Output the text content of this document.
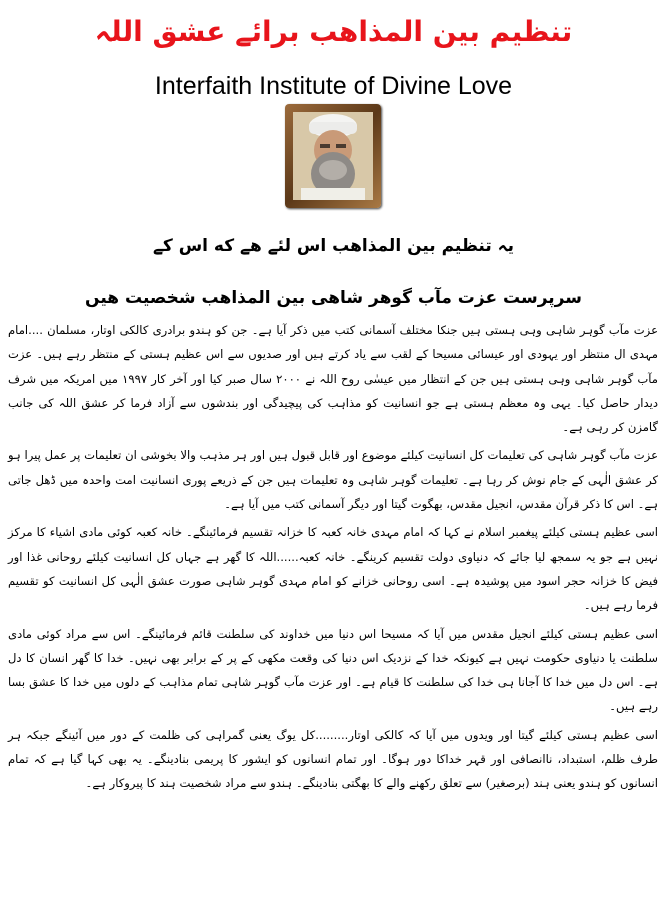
تنظیم بین المذاهب برائے عشق اللہ
Interfaith Institute of Divine Love
یہ تنظیم بین المذاهب اس لئے هے که اس کے
سرپرست عزت مآب گوهر شاهی بین المذاهب شخصیت هیں

عزت مآب گوہر شاہی وہی ہستی ہیں جنکا مختلف آسمانی کتب میں ذکر آیا ہے۔ جن کو ہندو برادری کالکی اوتار، مسلمان ....امام مہدی ال منتظر اور یہودی اور عیسائی مسیحا کے لقب سے یاد کرتے ہیں اور صدیوں سے اس عظیم ہستی کے منتظر رہے ہیں۔ عزت مآب گوہر شاہی وہی ہستی ہیں جن کے انتظار میں عیسٰی روح اللہ نے ۲۰۰۰ سال صبر کیا اور آخر کار ۱۹۹۷ میں امریکہ میں شرف دیدار حاصل کیا۔ یہی وہ معظم ہستی ہے جو انسانیت کو مذاہب کی پیچیدگی اور بندشوں سے آزاد فرما کر عشق اللہ کی جانب گامزن کر رہی ہے۔

عزت مآب گوہر شاہی کی تعلیمات کل انسانیت کیلئے موضوع اور قابل قبول ہیں اور ہر مذہب والا بخوشی ان تعلیمات پر عمل پیرا ہو کر عشق الٰہی کے جام نوش کر رہا ہے۔ تعلیمات گوہر شاہی وہ تعلیمات ہیں جن کے ذریعے پوری انسانیت امت واحدہ میں ڈھل جاتی ہے۔ اس کا ذکر قرآن مقدس، انجیل مقدس، بھگوت گیتا اور دیگر آسمانی کتب میں آیا ہے۔

اسی عظیم ہستی کیلئے پیغمبر اسلام نے کہا کہ امام مہدی خانہ کعبہ کا خزانہ تقسیم فرمائینگے۔ خانہ کعبہ کوئی مادی اشیاء کا مرکز نہیں ہے جو یہ سمجھ لیا جائے کہ دنیاوی دولت تقسیم کرینگے۔ خانہ کعبہ......اللہ کا گھر ہے جہاں کل انسانیت کیلئے روحانی غذا اور فیض کا خزانہ حجر اسود میں پوشیدہ ہے۔ اسی روحانی خزانے کو امام مہدی گوہر شاہی صورت عشق الٰہی کل انسانیت کو تقسیم فرما رہے ہیں۔

اسی عظیم ہستی کیلئے انجیل مقدس میں آیا کہ مسیحا اس دنیا میں خداوند کی سلطنت قائم فرمائینگے۔ اس سے مراد کوئی مادی سلطنت یا دنیاوی حکومت نہیں ہے کیونکہ خدا کے نزدیک اس دنیا کی وقعت مکھی کے پر کے برابر بھی نہیں۔ خدا کا گھر انسان کا دل ہے۔ اس دل میں خدا کا آجانا ہی خدا کی سلطنت کا قیام ہے۔ اور عزت مآب گوہر شاہی تمام مذاہب کے دلوں میں خدا کا عشق بسا رہے ہیں۔

اسی عظیم ہستی کیلئے گیتا اور ویدوں میں آیا کہ کالکی اوتار.........کل یوگ یعنی گمراہی کی ظلمت کے دور میں آئینگے جبکہ ہر طرف ظلم، استبداد، ناانصافی اور قہر خداکا دور ہوگا۔ اور تمام انسانوں کو ایشور کا پریمی بنادینگے۔ یہ بھی کہا گیا ہے کہ تمام انسانوں کو ہندو یعنی ہند (برصغیر) سے تعلق رکھنے والے کا بھگتی بنادینگے۔ ہندو سے مراد شخصیت ہند کا پیروکار ہے۔
